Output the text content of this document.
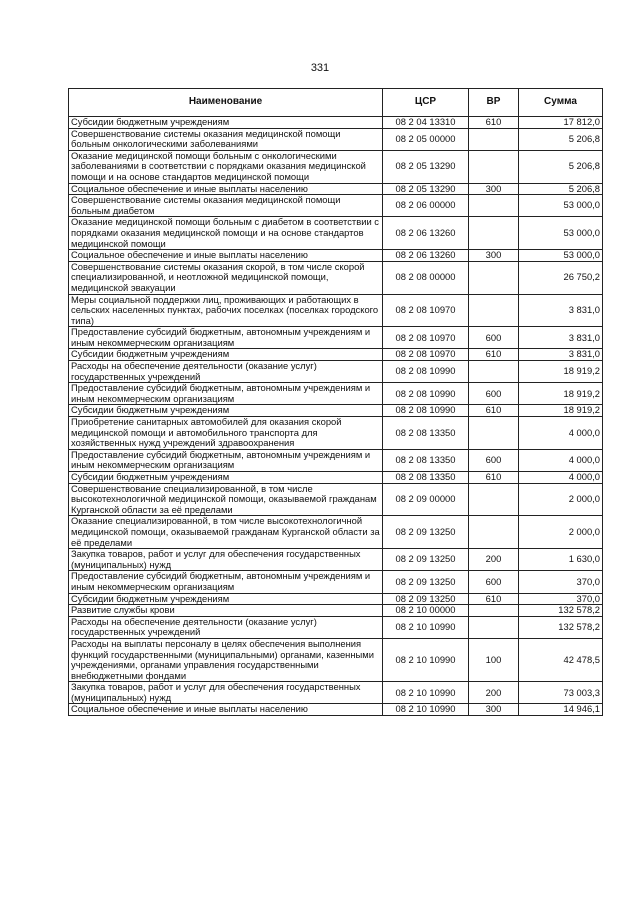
331
Наименование	ЦСР	ВР	Сумма
Субсидии бюджетным учреждениям	08 2 04 13310	610	17 812,0
Совершенствование системы оказания медицинской помощи больным онкологическими заболеваниями	08 2 05 00000		5 206,8
Оказание медицинской помощи больным с онкологическими заболеваниями в соответствии с порядками оказания медицинской помощи и на основе стандартов медицинской помощи	08 2 05 13290		5 206,8
Социальное обеспечение и иные выплаты населению	08 2 05 13290	300	5 206,8
Совершенствование системы оказания медицинской помощи больным диабетом	08 2 06 00000		53 000,0
Оказание медицинской помощи больным с диабетом в соответствии с порядками оказания медицинской помощи и на основе стандартов медицинской помощи	08 2 06 13260		53 000,0
Социальное обеспечение и иные выплаты населению	08 2 06 13260	300	53 000,0
Совершенствование системы оказания скорой, в том числе скорой специализированной, и неотложной медицинской помощи, медицинской эвакуации	08 2 08 00000		26 750,2
Меры социальной поддержки лиц, проживающих и работающих в сельских населенных пунктах, рабочих поселках (поселках городского типа)	08 2 08 10970		3 831,0
Предоставление субсидий бюджетным, автономным учреждениям и иным некоммерческим организациям	08 2 08 10970	600	3 831,0
Субсидии бюджетным учреждениям	08 2 08 10970	610	3 831,0
Расходы на обеспечение деятельности (оказание услуг) государственных учреждений	08 2 08 10990		18 919,2
Предоставление субсидий бюджетным, автономным учреждениям и иным некоммерческим организациям	08 2 08 10990	600	18 919,2
Субсидии бюджетным учреждениям	08 2 08 10990	610	18 919,2
Приобретение санитарных автомобилей для оказания скорой медицинской помощи и автомобильного транспорта для хозяйственных нужд учреждений здравоохранения	08 2 08 13350		4 000,0
Предоставление субсидий бюджетным, автономным учреждениям и иным некоммерческим организациям	08 2 08 13350	600	4 000,0
Субсидии бюджетным учреждениям	08 2 08 13350	610	4 000,0
Совершенствование специализированной, в том числе высокотехнологичной медицинской помощи, оказываемой гражданам Курганской области за её пределами	08 2 09 00000		2 000,0
Оказание специализированной, в том числе высокотехнологичной медицинской помощи, оказываемой гражданам Курганской области за её пределами	08 2 09 13250		2 000,0
Закупка товаров, работ и услуг для обеспечения государственных (муниципальных) нужд	08 2 09 13250	200	1 630,0
Предоставление субсидий бюджетным, автономным учреждениям и иным некоммерческим организациям	08 2 09 13250	600	370,0
Субсидии бюджетным учреждениям	08 2 09 13250	610	370,0
Развитие службы крови	08 2 10 00000		132 578,2
Расходы на обеспечение деятельности (оказание услуг) государственных учреждений	08 2 10 10990		132 578,2
Расходы на выплаты персоналу в целях обеспечения выполнения функций государственными (муниципальными) органами, казенными учреждениями, органами управления государственными внебюджетными фондами	08 2 10 10990	100	42 478,5
Закупка товаров, работ и услуг для обеспечения государственных (муниципальных) нужд	08 2 10 10990	200	73 003,3
Социальное обеспечение и иные выплаты населению	08 2 10 10990	300	14 946,1
